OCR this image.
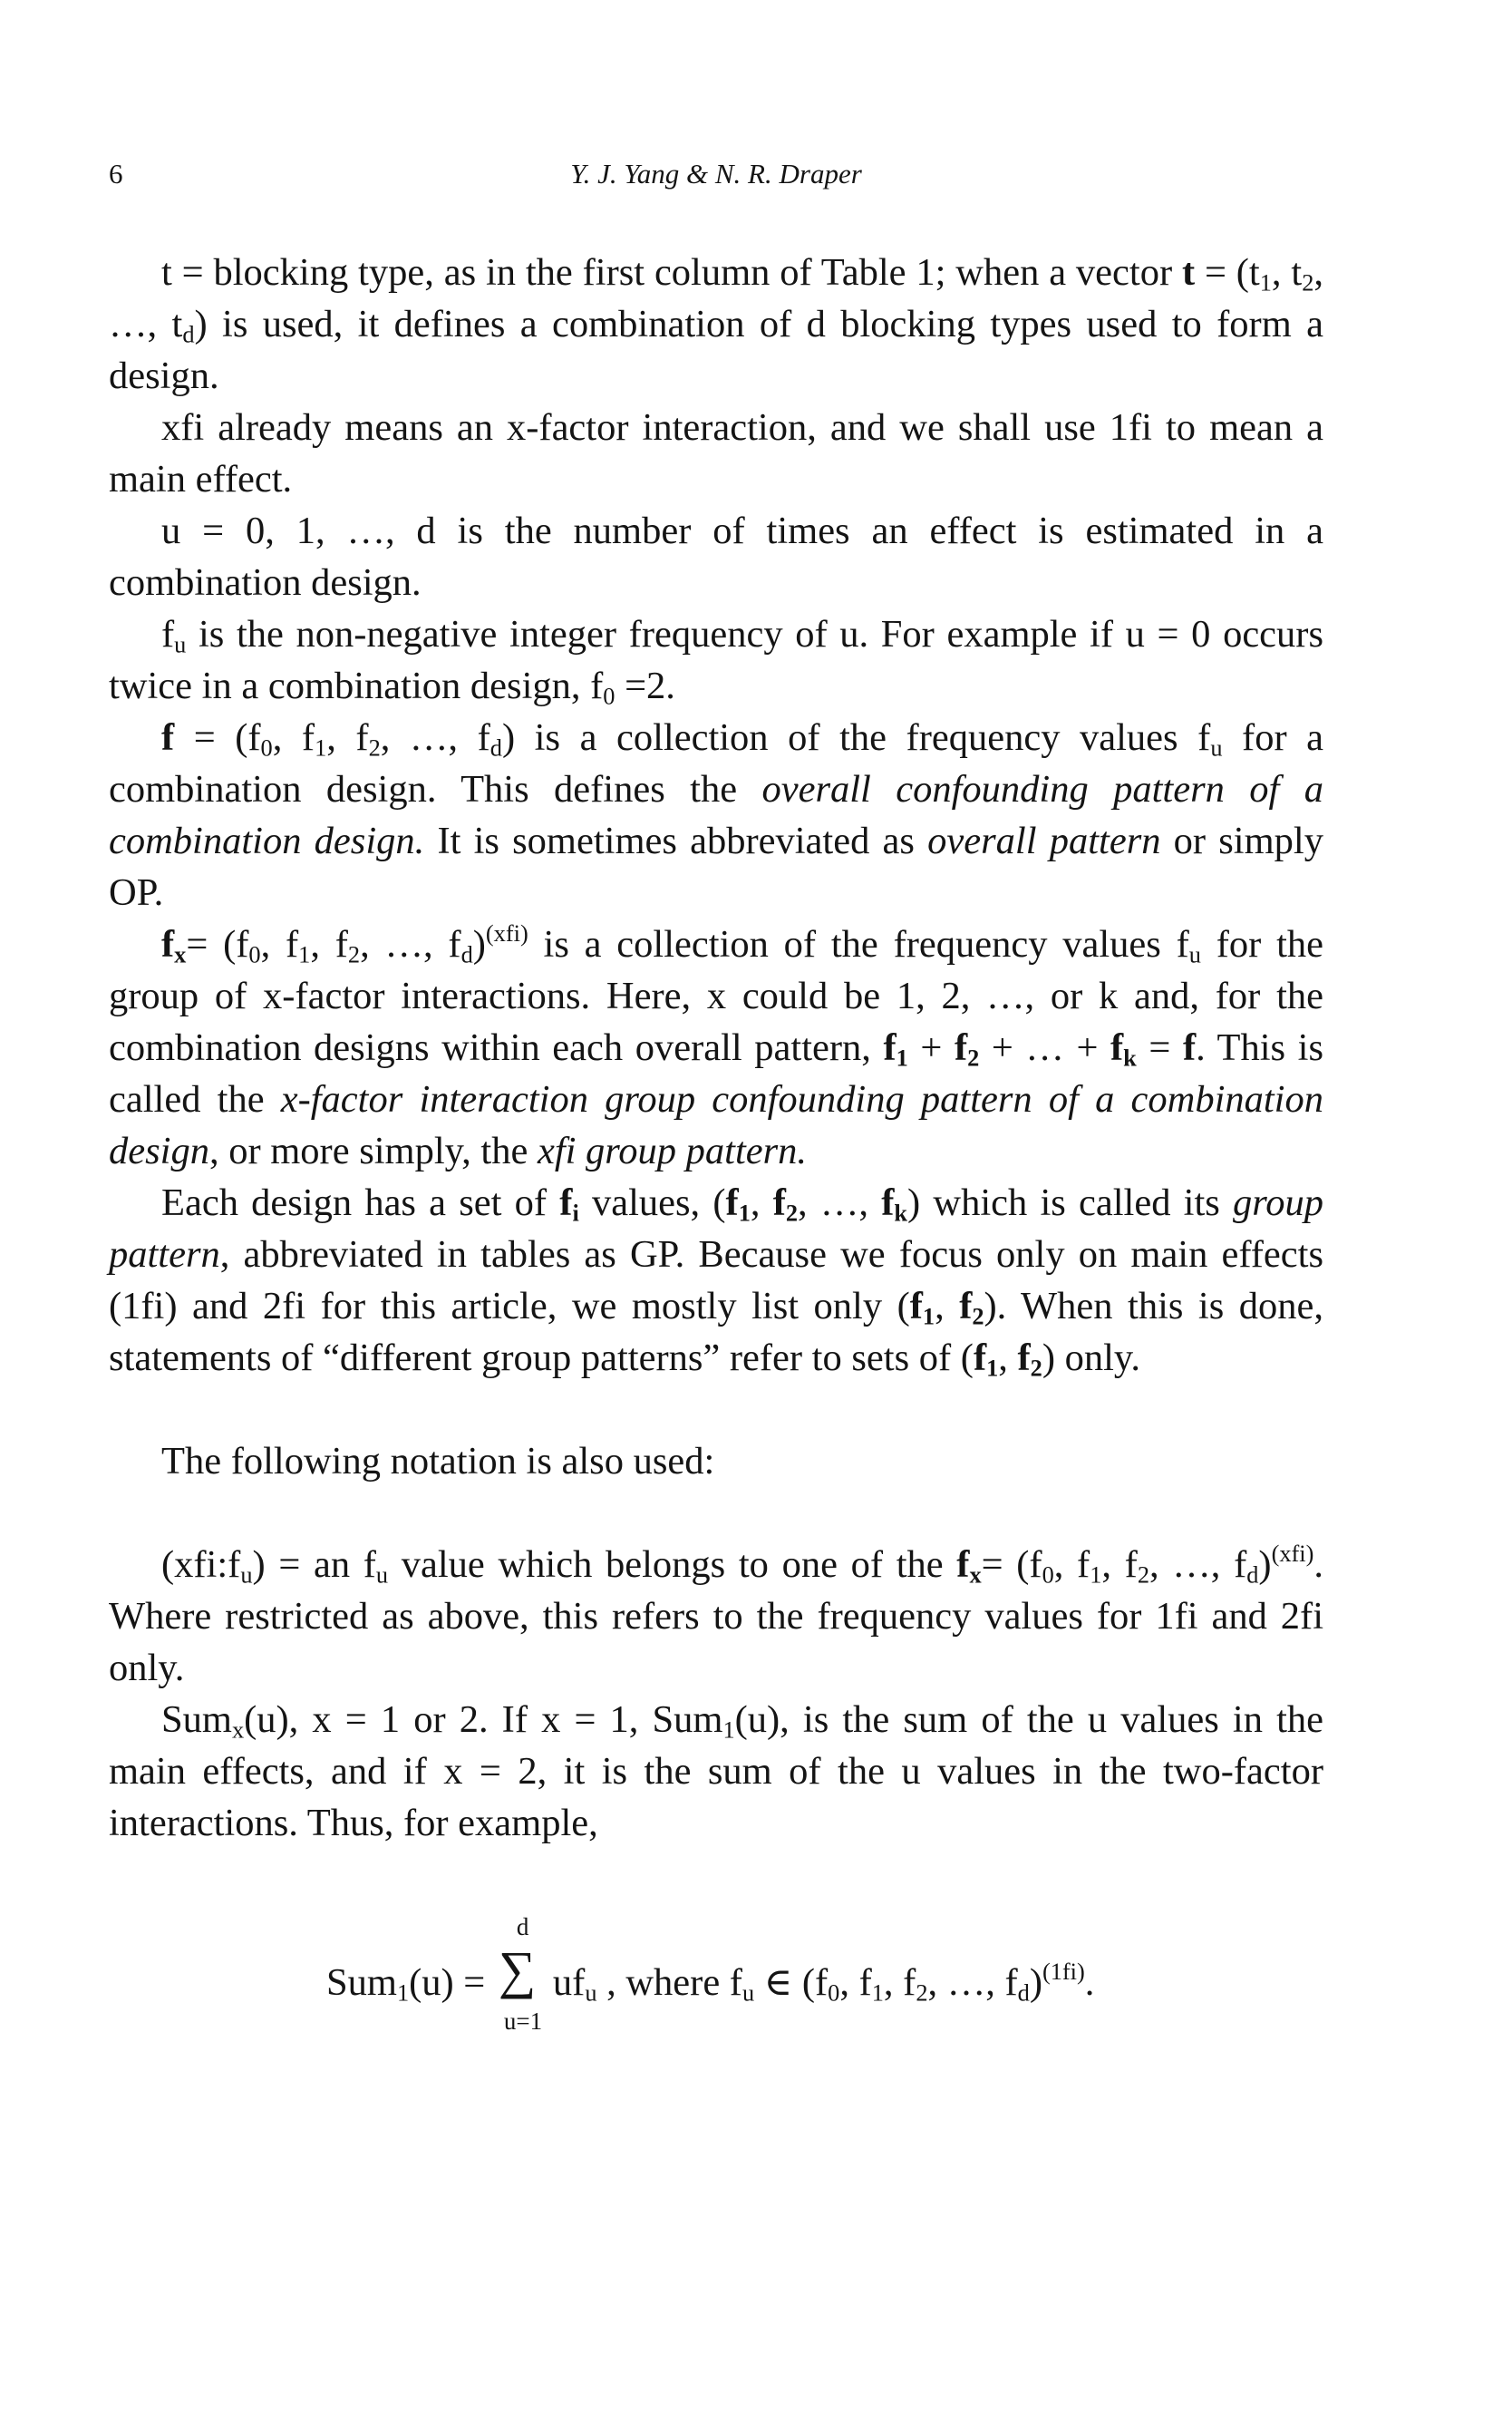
6	Y. J. Yang & N. R. Draper

t = blocking type, as in the first column of Table 1; when a vector $t = (t_1$, $t_2$, …, $t_d$) is used, it defines a combination of d blocking types used to form a design.

xfi already means an x-factor interaction, and we shall use 1fi to mean a main effect.

u = 0, 1, …, d is the number of times an effect is estimated in a combination design.

$f_u$ is the non-negative integer frequency of u. For example if u = 0 occurs twice in a combination design, $f_0 =2$.

$f = (f_0$, $f_1$, $f_2$, …, $f_d$) is a collection of the frequency values $f_u$ for a combination design. This defines the overall confounding pattern of a combination design. It is sometimes abbreviated as overall pattern or simply OP.

$f_x= (f_0$, $f_1$, $f_2$, …, $f_d)^{(xfi)}$ is a collection of the frequency values $f_u$ for the group of x-factor interactions. Here, x could be 1, 2, …, or k and, for the combination designs within each overall pattern, $f_1 + f_2$ + … + $f_k = f$. This is called the x-factor interaction group confounding pattern of a combination design, or more simply, the xfi group pattern.

Each design has a set of $f_i$ values, ($f_1$, $f_2$, …, $f_k$) which is called its group pattern, abbreviated in tables as GP. Because we focus only on main effects (1fi) and 2fi for this article, we mostly list only ($f_1$, $f_2$). When this is done, statements of “different group patterns” refer to sets of ($f_1$, $f_2$) only.

The following notation is also used:

$(xfi:f_u)$ = an $f_u$ value which belongs to one of the $f_x= (f_0$, $f_1$, $f_2$, …, $f_d)^{(xfi)}$. Where restricted as above, this refers to the frequency values for 1fi and 2fi only.

Sum$_x$(u), x = 1 or 2. If x = 1, Sum$_1$(u), is the sum of the u values in the main effects, and if x = 2, it is the sum of the u values in the two-factor interactions. Thus, for example,

Sum$_1$(u) =
d
∑
u=1
$uf_u$ , where $f_u$ ∈ ($f_0$, $f_1$, $f_2$, …, $f_d)^{(1fi)}$.
